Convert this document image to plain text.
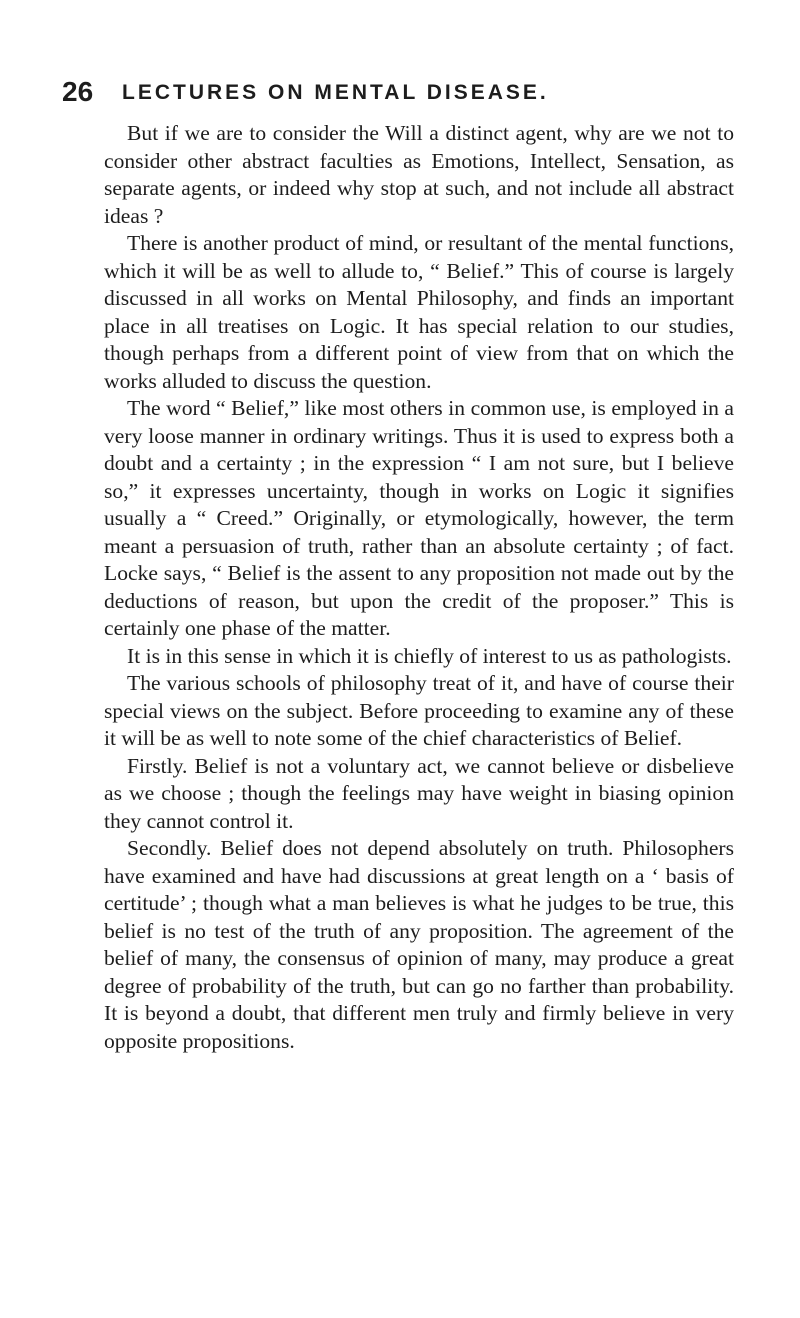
26 LECTURES ON MENTAL DISEASE.

But if we are to consider the Will a distinct agent, why are we not to consider other abstract faculties as Emotions, Intellect, Sensation, as separate agents, or indeed why stop at such, and not include all abstract ideas ?

There is another product of mind, or resultant of the mental functions, which it will be as well to allude to, “ Belief.” This of course is largely discussed in all works on Mental Philosophy, and finds an important place in all treatises on Logic. It has special relation to our studies, though perhaps from a different point of view from that on which the works alluded to discuss the question.

The word “ Belief,” like most others in common use, is employed in a very loose manner in ordinary writings. Thus it is used to express both a doubt and a certainty ; in the expression “ I am not sure, but I believe so,” it expresses uncertainty, though in works on Logic it signifies usually a “ Creed.” Originally, or etymologically, however, the term meant a persuasion of truth, rather than an absolute certainty ; of fact. Locke says, “ Belief is the assent to any proposition not made out by the deductions of reason, but upon the credit of the proposer.” This is certainly one phase of the matter.

It is in this sense in which it is chiefly of interest to us as pathologists.

The various schools of philosophy treat of it, and have of course their special views on the subject. Before proceeding to examine any of these it will be as well to note some of the chief characteristics of Belief.

Firstly. Belief is not a voluntary act, we cannot believe or disbelieve as we choose ; though the feelings may have weight in biasing opinion they cannot control it.

Secondly. Belief does not depend absolutely on truth. Philosophers have examined and have had discussions at great length on a ‘ basis of certitude’ ; though what a man believes is what he judges to be true, this belief is no test of the truth of any proposition. The agreement of the belief of many, the consensus of opinion of many, may produce a great degree of probability of the truth, but can go no farther than probability. It is beyond a doubt, that different men truly and firmly believe in very opposite propositions.
